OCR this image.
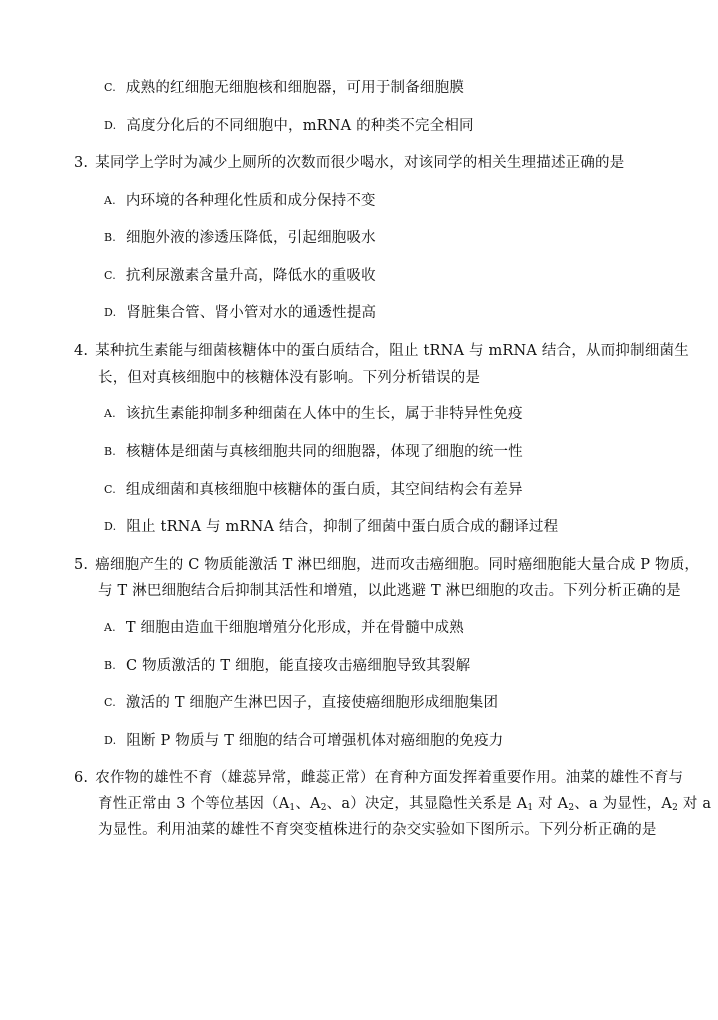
C. 成熟的红细胞无细胞核和细胞器，可用于制备细胞膜
D. 高度分化后的不同细胞中，mRNA 的种类不完全相同
3. 某同学上学时为减少上厕所的次数而很少喝水，对该同学的相关生理描述正确的是
A. 内环境的各种理化性质和成分保持不变
B. 细胞外液的渗透压降低，引起细胞吸水
C. 抗利尿激素含量升高，降低水的重吸收
D. 肾脏集合管、肾小管对水的通透性提高
4. 某种抗生素能与细菌核糖体中的蛋白质结合，阻止 tRNA 与 mRNA 结合，从而抑制细菌生
长，但对真核细胞中的核糖体没有影响。下列分析错误的是
A. 该抗生素能抑制多种细菌在人体中的生长，属于非特异性免疫
B. 核糖体是细菌与真核细胞共同的细胞器，体现了细胞的统一性
C. 组成细菌和真核细胞中核糖体的蛋白质，其空间结构会有差异
D. 阻止 tRNA 与 mRNA 结合，抑制了细菌中蛋白质合成的翻译过程
5. 癌细胞产生的 C 物质能激活 T 淋巴细胞，进而攻击癌细胞。同时癌细胞能大量合成 P 物质，
与 T 淋巴细胞结合后抑制其活性和增殖，以此逃避 T 淋巴细胞的攻击。下列分析正确的是
A. T 细胞由造血干细胞增殖分化形成，并在骨髓中成熟
B. C 物质激活的 T 细胞，能直接攻击癌细胞导致其裂解
C. 激活的 T 细胞产生淋巴因子，直接使癌细胞形成细胞集团
D. 阻断 P 物质与 T 细胞的结合可增强机体对癌细胞的免疫力
6. 农作物的雄性不育（雄蕊异常，雌蕊正常）在育种方面发挥着重要作用。油菜的雄性不育与
育性正常由 3 个等位基因（$A_1$、$A_2$、a）决定，其显隐性关系是 $A_1$ 对 $A_2$、a 为显性，$A_2$ 对 a
为显性。利用油菜的雄性不育突变植株进行的杂交实验如下图所示。下列分析正确的是
